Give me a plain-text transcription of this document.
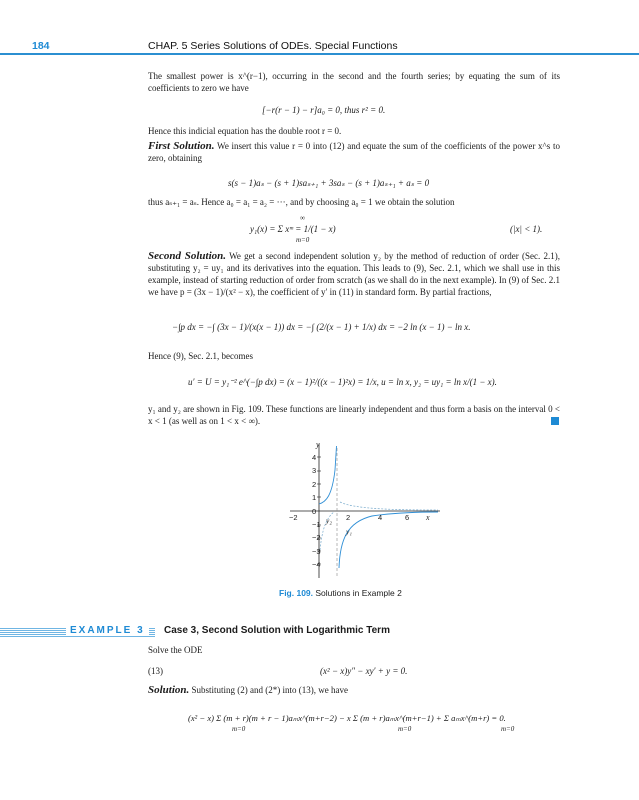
184	CHAP. 5 Series Solutions of ODEs. Special Functions
The smallest power is x^(r−1), occurring in the second and the fourth series; by equating the sum of its coefficients to zero we have
[−r(r − 1) − r]a₀ = 0, thus r² = 0.
Hence this indicial equation has the double root r = 0.
First Solution. We insert this value r = 0 into (12) and equate the sum of the coefficients of the power x^s to zero, obtaining
s(s − 1)aₛ − (s + 1)saₛ₊₁ + 3saₛ − (s + 1)aₛ₊₁ + aₛ = 0
thus aₛ₊₁ = aₛ. Hence a₀ = a₁ = a₂ = ···, and by choosing a₀ = 1 we obtain the solution
∞
y₁(x) = Σ xᵐ = 1/(1 − x)
m=0
(|x| < 1).
Second Solution. We get a second independent solution y₂ by the method of reduction of order (Sec. 2.1), substituting y₂ = uy₁ and its derivatives into the equation. This leads to (9), Sec. 2.1, which we shall use in this example, instead of starting reduction of order from scratch (as we shall do in the next example). In (9) of Sec. 2.1 we have p = (3x − 1)/(x² − x), the coefficient of y′ in (11) in standard form. By partial fractions,
−∫p dx = −∫ (3x − 1)/(x(x − 1)) dx = −∫ (2/(x − 1) + 1/x) dx = −2 ln (x − 1) − ln x.
Hence (9), Sec. 2.1, becomes
u′ = U = y₁⁻² e^(−∫p dx) = (x − 1)²/((x − 1)²x) = 1/x, u = ln x, y₂ = uy₁ = ln x/(1 − x).
y₁ and y₂ are shown in Fig. 109. These functions are linearly independent and thus form a basis on the interval 0 < x < 1 (as well as on 1 < x < ∞).
y
x
4
3
2
1
0
−1
−2
−3
−4
−2	2	4	6
y₂
y₁
Fig. 109. Solutions in Example 2
EXAMPLE 3	Case 3, Second Solution with Logarithmic Term
Solve the ODE
(13)	(x² − x)y″ − xy′ + y = 0.
Solution. Substituting (2) and (2*) into (13), we have
(x² − x) Σ (m + r)(m + r − 1)aₘx^(m+r−2) − x Σ (m + r)aₘx^(m+r−1) + Σ aₘx^(m+r) = 0.
m=0	m=0	m=0
